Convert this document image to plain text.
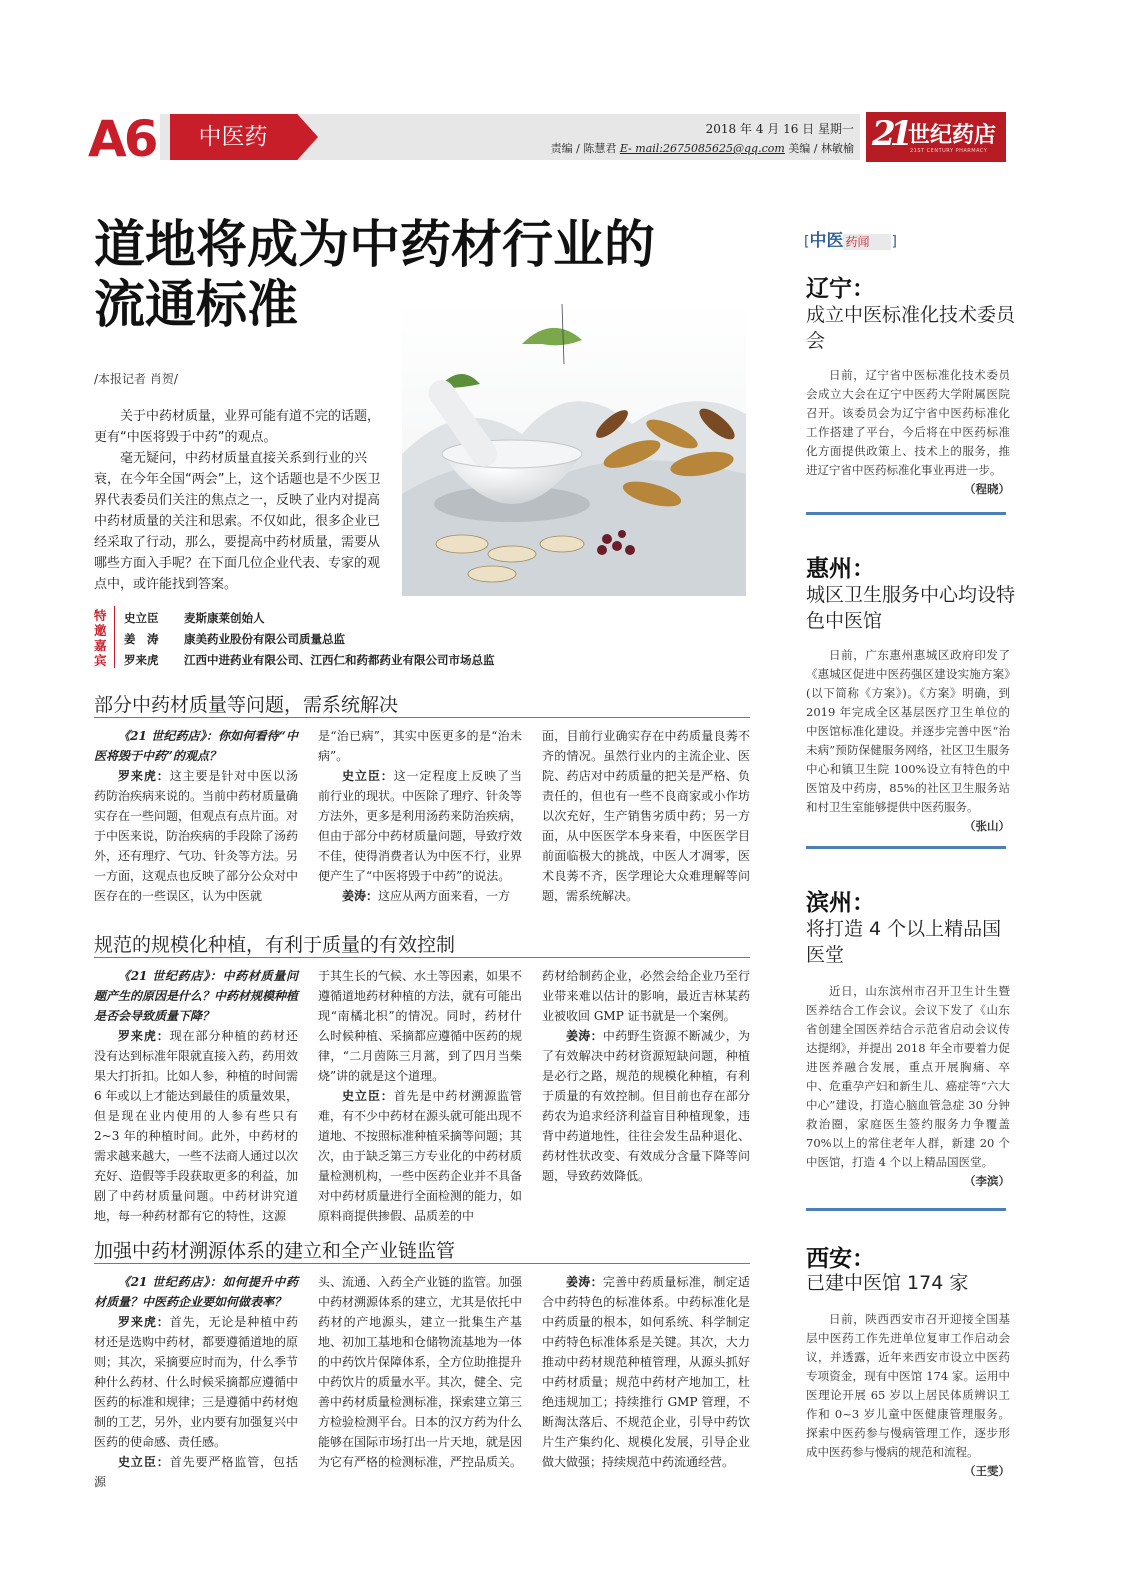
A6	中医药	2018 年 4 月 16 日 星期一
责编 / 陈慧君 E- mail:2675085625@qq.com 美编 / 林敏榆 21 世纪药店
21ST CENTURY PHARMACY
道地将成为中药材行业的
流通标准
/本报记者 肖贺/

关于中药材质量，业界可能有道不完的话题，更有“中医将毁于中药”的观点。

毫无疑问，中药材质量直接关系到行业的兴衰，在今年全国“两会”上，这个话题也是不少医卫界代表委员们关注的焦点之一，反映了业内对提高中药材质量的关注和思索。不仅如此，很多企业已经采取了行动，那么，要提高中药材质量，需要从哪些方面入手呢？在下面几位企业代表、专家的观点中，或许能找到答案。

特邀嘉宾
史立臣 麦斯康莱创始人
姜　涛 康美药业股份有限公司质量总监
罗来虎 江西中进药业有限公司、江西仁和药都药业有限公司市场总监
部分中药材质量等问题，需系统解决

《21 世纪药店》：你如何看待“中医将毁于中药”的观点？

罗来虎：这主要是针对中医以汤药防治疾病来说的。当前中药材质量确实存在一些问题，但观点有点片面。对于中医来说，防治疾病的手段除了汤药外，还有理疗、气功、针灸等方法。另一方面，这观点也反映了部分公众对中医存在的一些误区，认为中医就

是“治已病”，其实中医更多的是“治未病”。

史立臣：这一定程度上反映了当前行业的现状。中医除了理疗、针灸等方法外，更多是利用汤药来防治疾病，但由于部分中药材质量问题，导致疗效不佳，使得消费者认为中医不行，业界便产生了“中医将毁于中药”的说法。

姜涛：这应从两方面来看，一方

面，目前行业确实存在中药质量良莠不齐的情况。虽然行业内的主流企业、医院、药店对中药质量的把关是严格、负责任的，但也有一些不良商家或小作坊以次充好，生产销售劣质中药；另一方面，从中医医学本身来看，中医医学目前面临极大的挑战，中医人才凋零，医术良莠不齐，医学理论大众难理解等问题，需系统解决。

规范的规模化种植，有利于质量的有效控制

《21 世纪药店》：中药材质量问题产生的原因是什么？中药材规模种植是否会导致质量下降？

罗来虎：现在部分种植的药材还没有达到标准年限就直接入药，药用效果大打折扣。比如人参，种植的时间需 6 年或以上才能达到最佳的质量效果，但是现在业内使用的人参有些只有 2~3 年的种植时间。此外，中药材的需求越来越大，一些不法商人通过以次充好、造假等手段获取更多的利益，加剧了中药材质量问题。中药材讲究道地，每一种药材都有它的特性，这源

于其生长的气候、水土等因素，如果不遵循道地药材种植的方法，就有可能出现“南橘北枳”的情况。同时，药材什么时候种植、采摘都应遵循中医药的规律，“二月茵陈三月蒿，到了四月当柴烧”讲的就是这个道理。

史立臣：首先是中药材溯源监管难，有不少中药材在源头就可能出现不道地、不按照标准种植采摘等问题；其次，由于缺乏第三方专业化的中药材质量检测机构，一些中医药企业并不具备对中药材质量进行全面检测的能力，如原料商提供掺假、品质差的中

药材给制药企业，必然会给企业乃至行业带来难以估计的影响，最近吉林某药业被收回 GMP 证书就是一个案例。

姜涛：中药野生资源不断减少，为了有效解决中药材资源短缺问题，种植是必行之路，规范的规模化种植，有利于质量的有效控制。但目前也存在部分药农为追求经济利益盲目种植现象，违背中药道地性，往往会发生品种退化、药材性状改变、有效成分含量下降等问题，导致药效降低。

加强中药材溯源体系的建立和全产业链监管

《21 世纪药店》：如何提升中药材质量？中医药企业要如何做表率？

罗来虎：首先，无论是种植中药材还是选购中药材，都要遵循道地的原则；其次，采摘要应时而为，什么季节种什么药材、什么时候采摘都应遵循中医药的标准和规律；三是遵循中药材炮制的工艺，另外，业内要有加强复兴中医药的使命感、责任感。

史立臣：首先要严格监管，包括源

头、流通、入药全产业链的监管。加强中药材溯源体系的建立，尤其是依托中药材的产地源头，建立一批集生产基地、初加工基地和仓储物流基地为一体的中药饮片保障体系，全方位助推提升中药饮片的质量水平。其次，健全、完善中药材质量检测标准，探索建立第三方检验检测平台。日本的汉方药为什么能够在国际市场打出一片天地，就是因为它有严格的检测标准，严控品质关。

姜涛：完善中药质量标准，制定适合中药特色的标准体系。中药标准化是中药质量的根本，如何系统、科学制定中药特色标准体系是关键。其次，大力推动中药材规范种植管理，从源头抓好中药材质量；规范中药材产地加工，杜绝违规加工；持续推行 GMP 管理，不断淘汰落后、不规范企业，引导中药饮片生产集约化、规模化发展，引导企业做大做强；持续规范中药流通经营。

[中医 药闻 ]
辽宁：
成立中医标准化技术委员会

日前，辽宁省中医标准化技术委员会成立大会在辽宁中医药大学附属医院召开。该委员会为辽宁省中医药标准化工作搭建了平台，今后将在中医药标准化方面提供政策上、技术上的服务，推进辽宁省中医药标准化事业再进一步。

（程晓）
惠州：
城区卫生服务中心均设特色中医馆

日前，广东惠州惠城区政府印发了《惠城区促进中医药强区建设实施方案》(以下简称《方案》)。《方案》明确，到 2019 年完成全区基层医疗卫生单位的中医馆标准化建设。并逐步完善中医“治未病”预防保健服务网络，社区卫生服务中心和镇卫生院 100%设立有特色的中医馆及中药房，85%的社区卫生服务站和村卫生室能够提供中医药服务。

（张山）
滨州：
将打造 4 个以上精品国医堂

近日，山东滨州市召开卫生计生暨医养结合工作会议。会议下发了《山东省创建全国医养结合示范省启动会议传达提纲》，并提出 2018 年全市要着力促进医养融合发展，重点开展胸痛、卒中、危重孕产妇和新生儿、癌症等“六大中心”建设，打造心脑血管急症 30 分钟救治圈，家庭医生签约服务力争覆盖 70%以上的常住老年人群，新建 20 个中医馆，打造 4 个以上精品国医堂。

（李滨）
西安：
已建中医馆 174 家

日前，陕西西安市召开迎接全国基层中医药工作先进单位复审工作启动会议，并透露，近年来西安市设立中医药专项资金，现有中医馆 174 家。运用中医理论开展 65 岁以上居民体质辨识工作和 0~3 岁儿童中医健康管理服务。探索中医药参与慢病管理工作，逐步形成中医药参与慢病的规范和流程。

（王雯）
